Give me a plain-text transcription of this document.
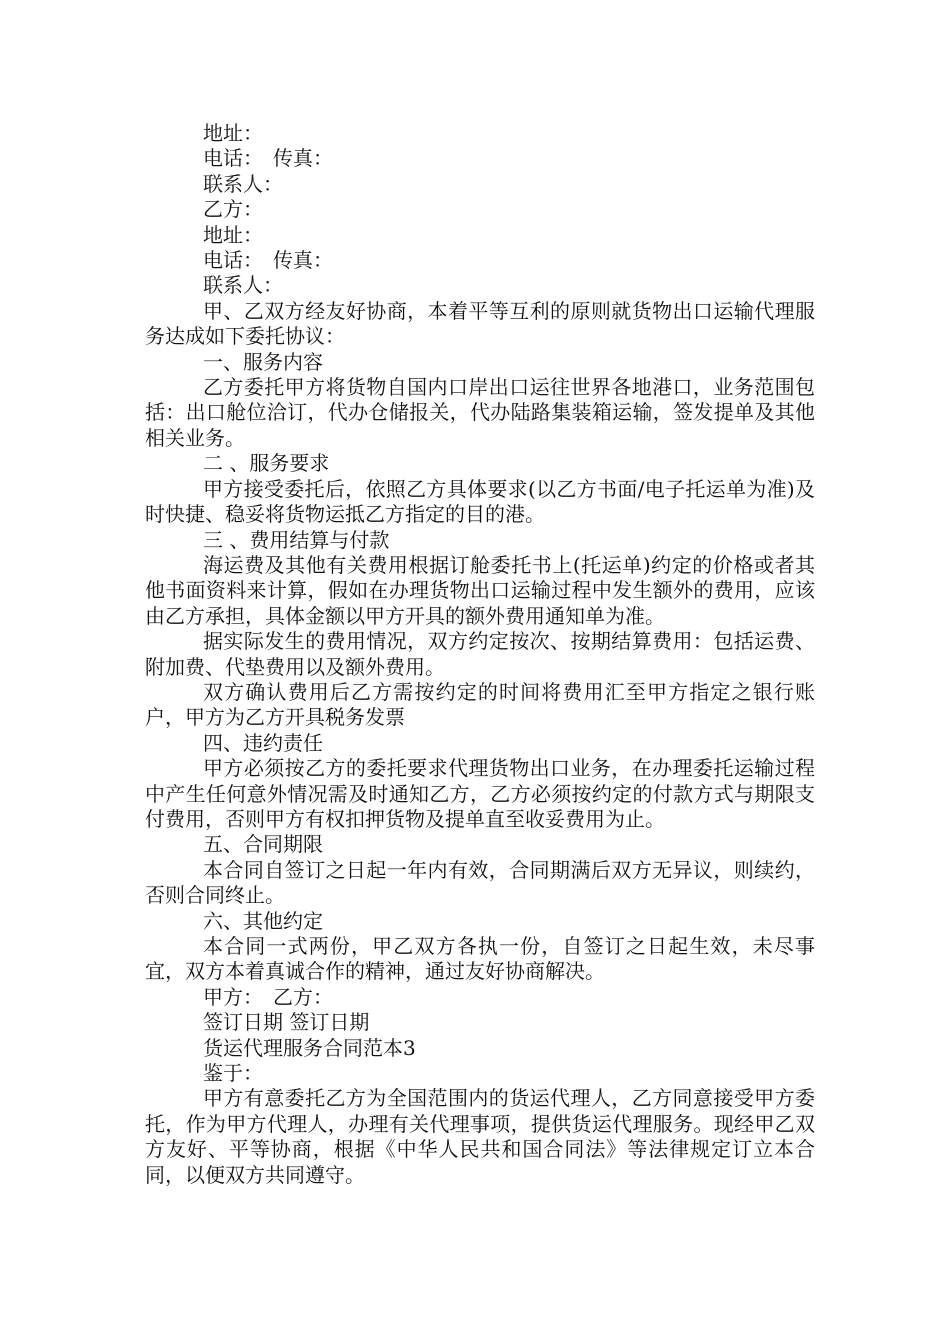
地址：
电话：　传真：
联系人：
乙方：
地址：
电话：　传真：
联系人：

甲、乙双方经友好协商，本着平等互利的原则就货物出口运输代理服务达成如下委托协议：

一、服务内容

乙方委托甲方将货物自国内口岸出口运往世界各地港口，业务范围包括：出口舱位洽订，代办仓储报关，代办陆路集装箱运输，签发提单及其他相关业务。

二 、服务要求

甲方接受委托后，依照乙方具体要求(以乙方书面/电子托运单为准)及时快捷、稳妥将货物运抵乙方指定的目的港。

三 、费用结算与付款

海运费及其他有关费用根据订舱委托书上(托运单)约定的价格或者其他书面资料来计算，假如在办理货物出口运输过程中发生额外的费用，应该由乙方承担，具体金额以甲方开具的额外费用通知单为准。

据实际发生的费用情况，双方约定按次、按期结算费用：包括运费、附加费、代垫费用以及额外费用。

双方确认费用后乙方需按约定的时间将费用汇至甲方指定之银行账户，甲方为乙方开具税务发票

四、违约责任

甲方必须按乙方的委托要求代理货物出口业务，在办理委托运输过程中产生任何意外情况需及时通知乙方，乙方必须按约定的付款方式与期限支付费用，否则甲方有权扣押货物及提单直至收妥费用为止。

五、合同期限

本合同自签订之日起一年内有效，合同期满后双方无异议，则续约，否则合同终止。

六、其他约定

本合同一式两份，甲乙双方各执一份，自签订之日起生效，未尽事宜，双方本着真诚合作的精神，通过友好协商解决。

甲方：　乙方：
签订日期 签订日期
货运代理服务合同范本3
鉴于：

甲方有意委托乙方为全国范围内的货运代理人，乙方同意接受甲方委托，作为甲方代理人，办理有关代理事项，提供货运代理服务。现经甲乙双方友好、平等协商，根据《中华人民共和国合同法》等法律规定订立本合同，以便双方共同遵守。
